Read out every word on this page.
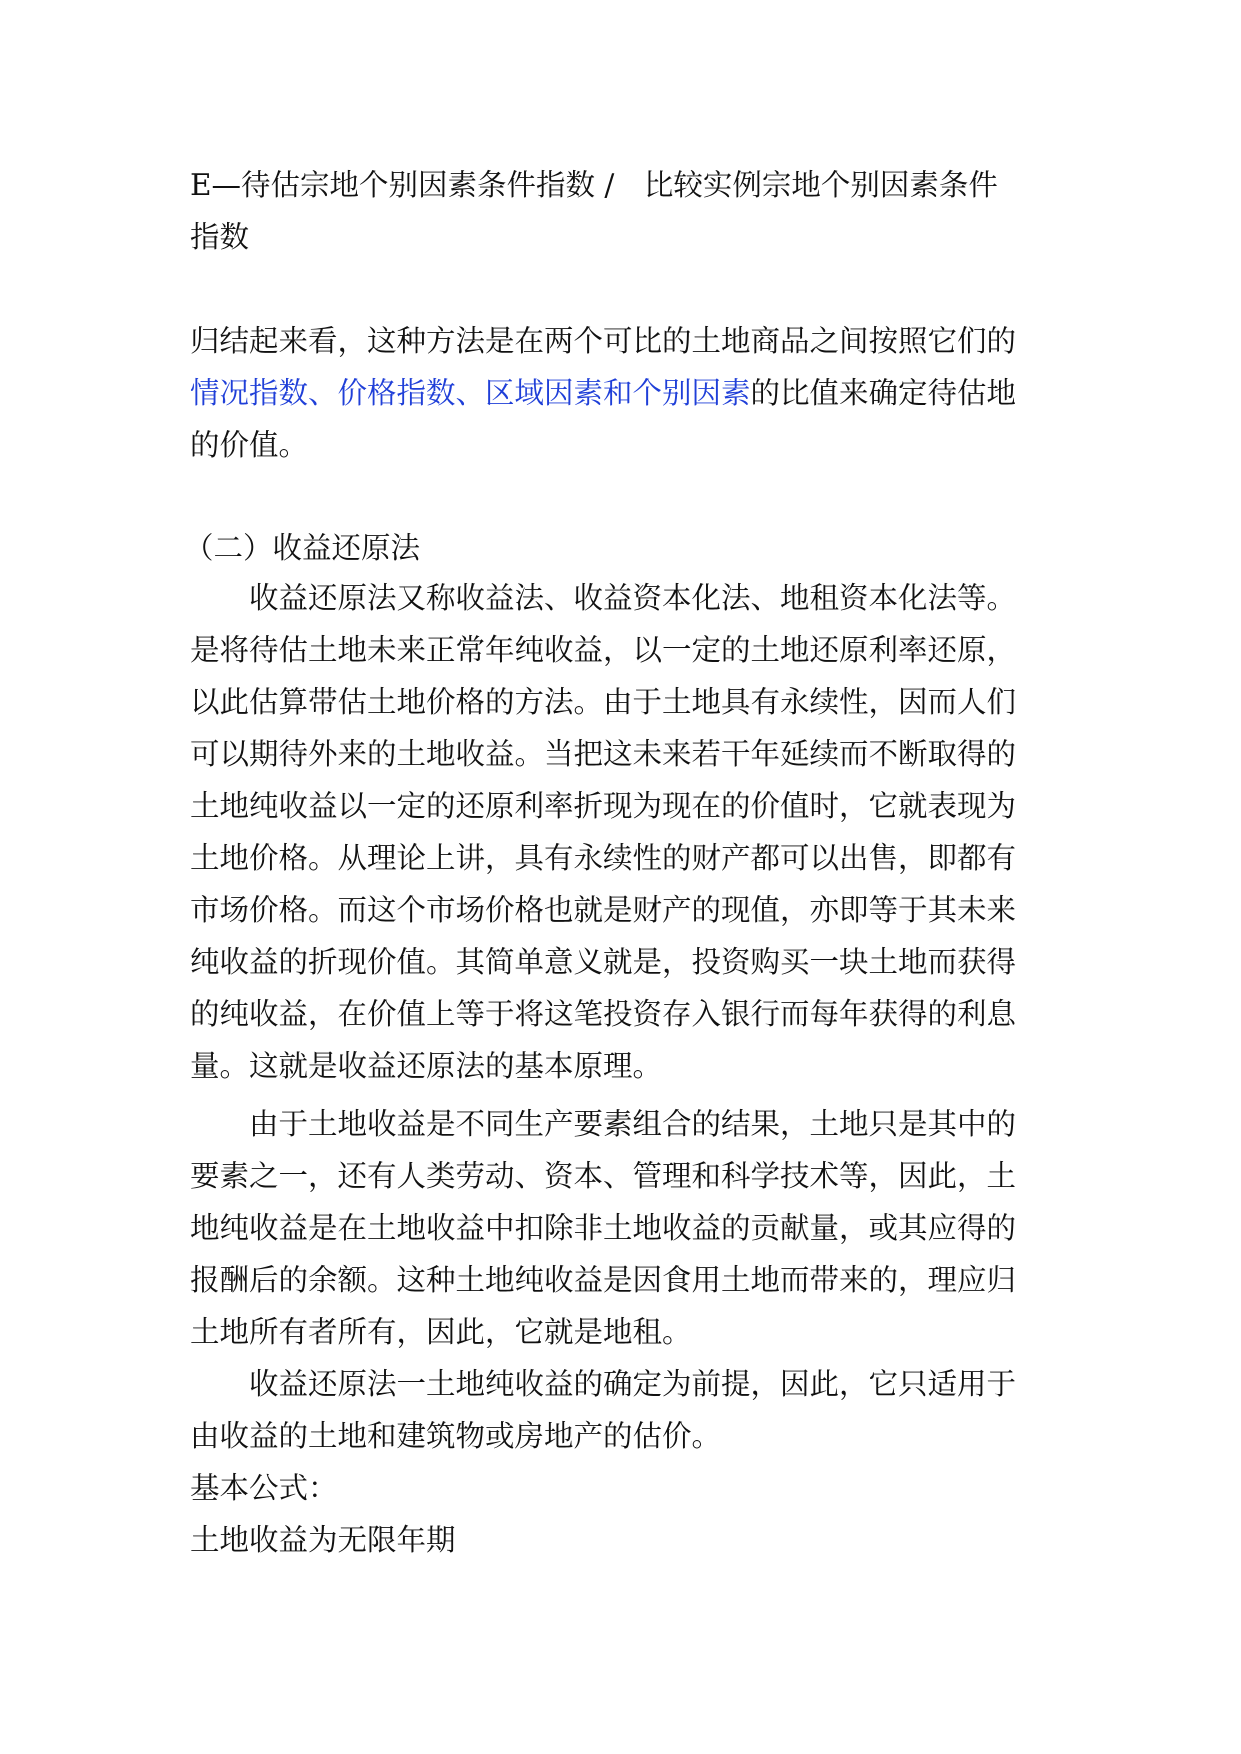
E—待估宗地个别因素条件指数 /　比较实例宗地个别因素条件
指数
归结起来看，这种方法是在两个可比的土地商品之间按照它们的
情况指数、价格指数、区域因素和个别因素的比值来确定待估地
的价值。
（二）收益还原法
收益还原法又称收益法、收益资本化法、地租资本化法等。
是将待估土地未来正常年纯收益，以一定的土地还原利率还原，
以此估算带估土地价格的方法。由于土地具有永续性，因而人们
可以期待外来的土地收益。当把这未来若干年延续而不断取得的
土地纯收益以一定的还原利率折现为现在的价值时，它就表现为
土地价格。从理论上讲，具有永续性的财产都可以出售，即都有
市场价格。而这个市场价格也就是财产的现值，亦即等于其未来
纯收益的折现价值。其简单意义就是，投资购买一块土地而获得
的纯收益，在价值上等于将这笔投资存入银行而每年获得的利息
量。这就是收益还原法的基本原理。
由于土地收益是不同生产要素组合的结果，土地只是其中的
要素之一，还有人类劳动、资本、管理和科学技术等，因此，土
地纯收益是在土地收益中扣除非土地收益的贡献量，或其应得的
报酬后的余额。这种土地纯收益是因食用土地而带来的，理应归
土地所有者所有，因此，它就是地租。
收益还原法一土地纯收益的确定为前提，因此，它只适用于
由收益的土地和建筑物或房地产的估价。
基本公式：
土地收益为无限年期
